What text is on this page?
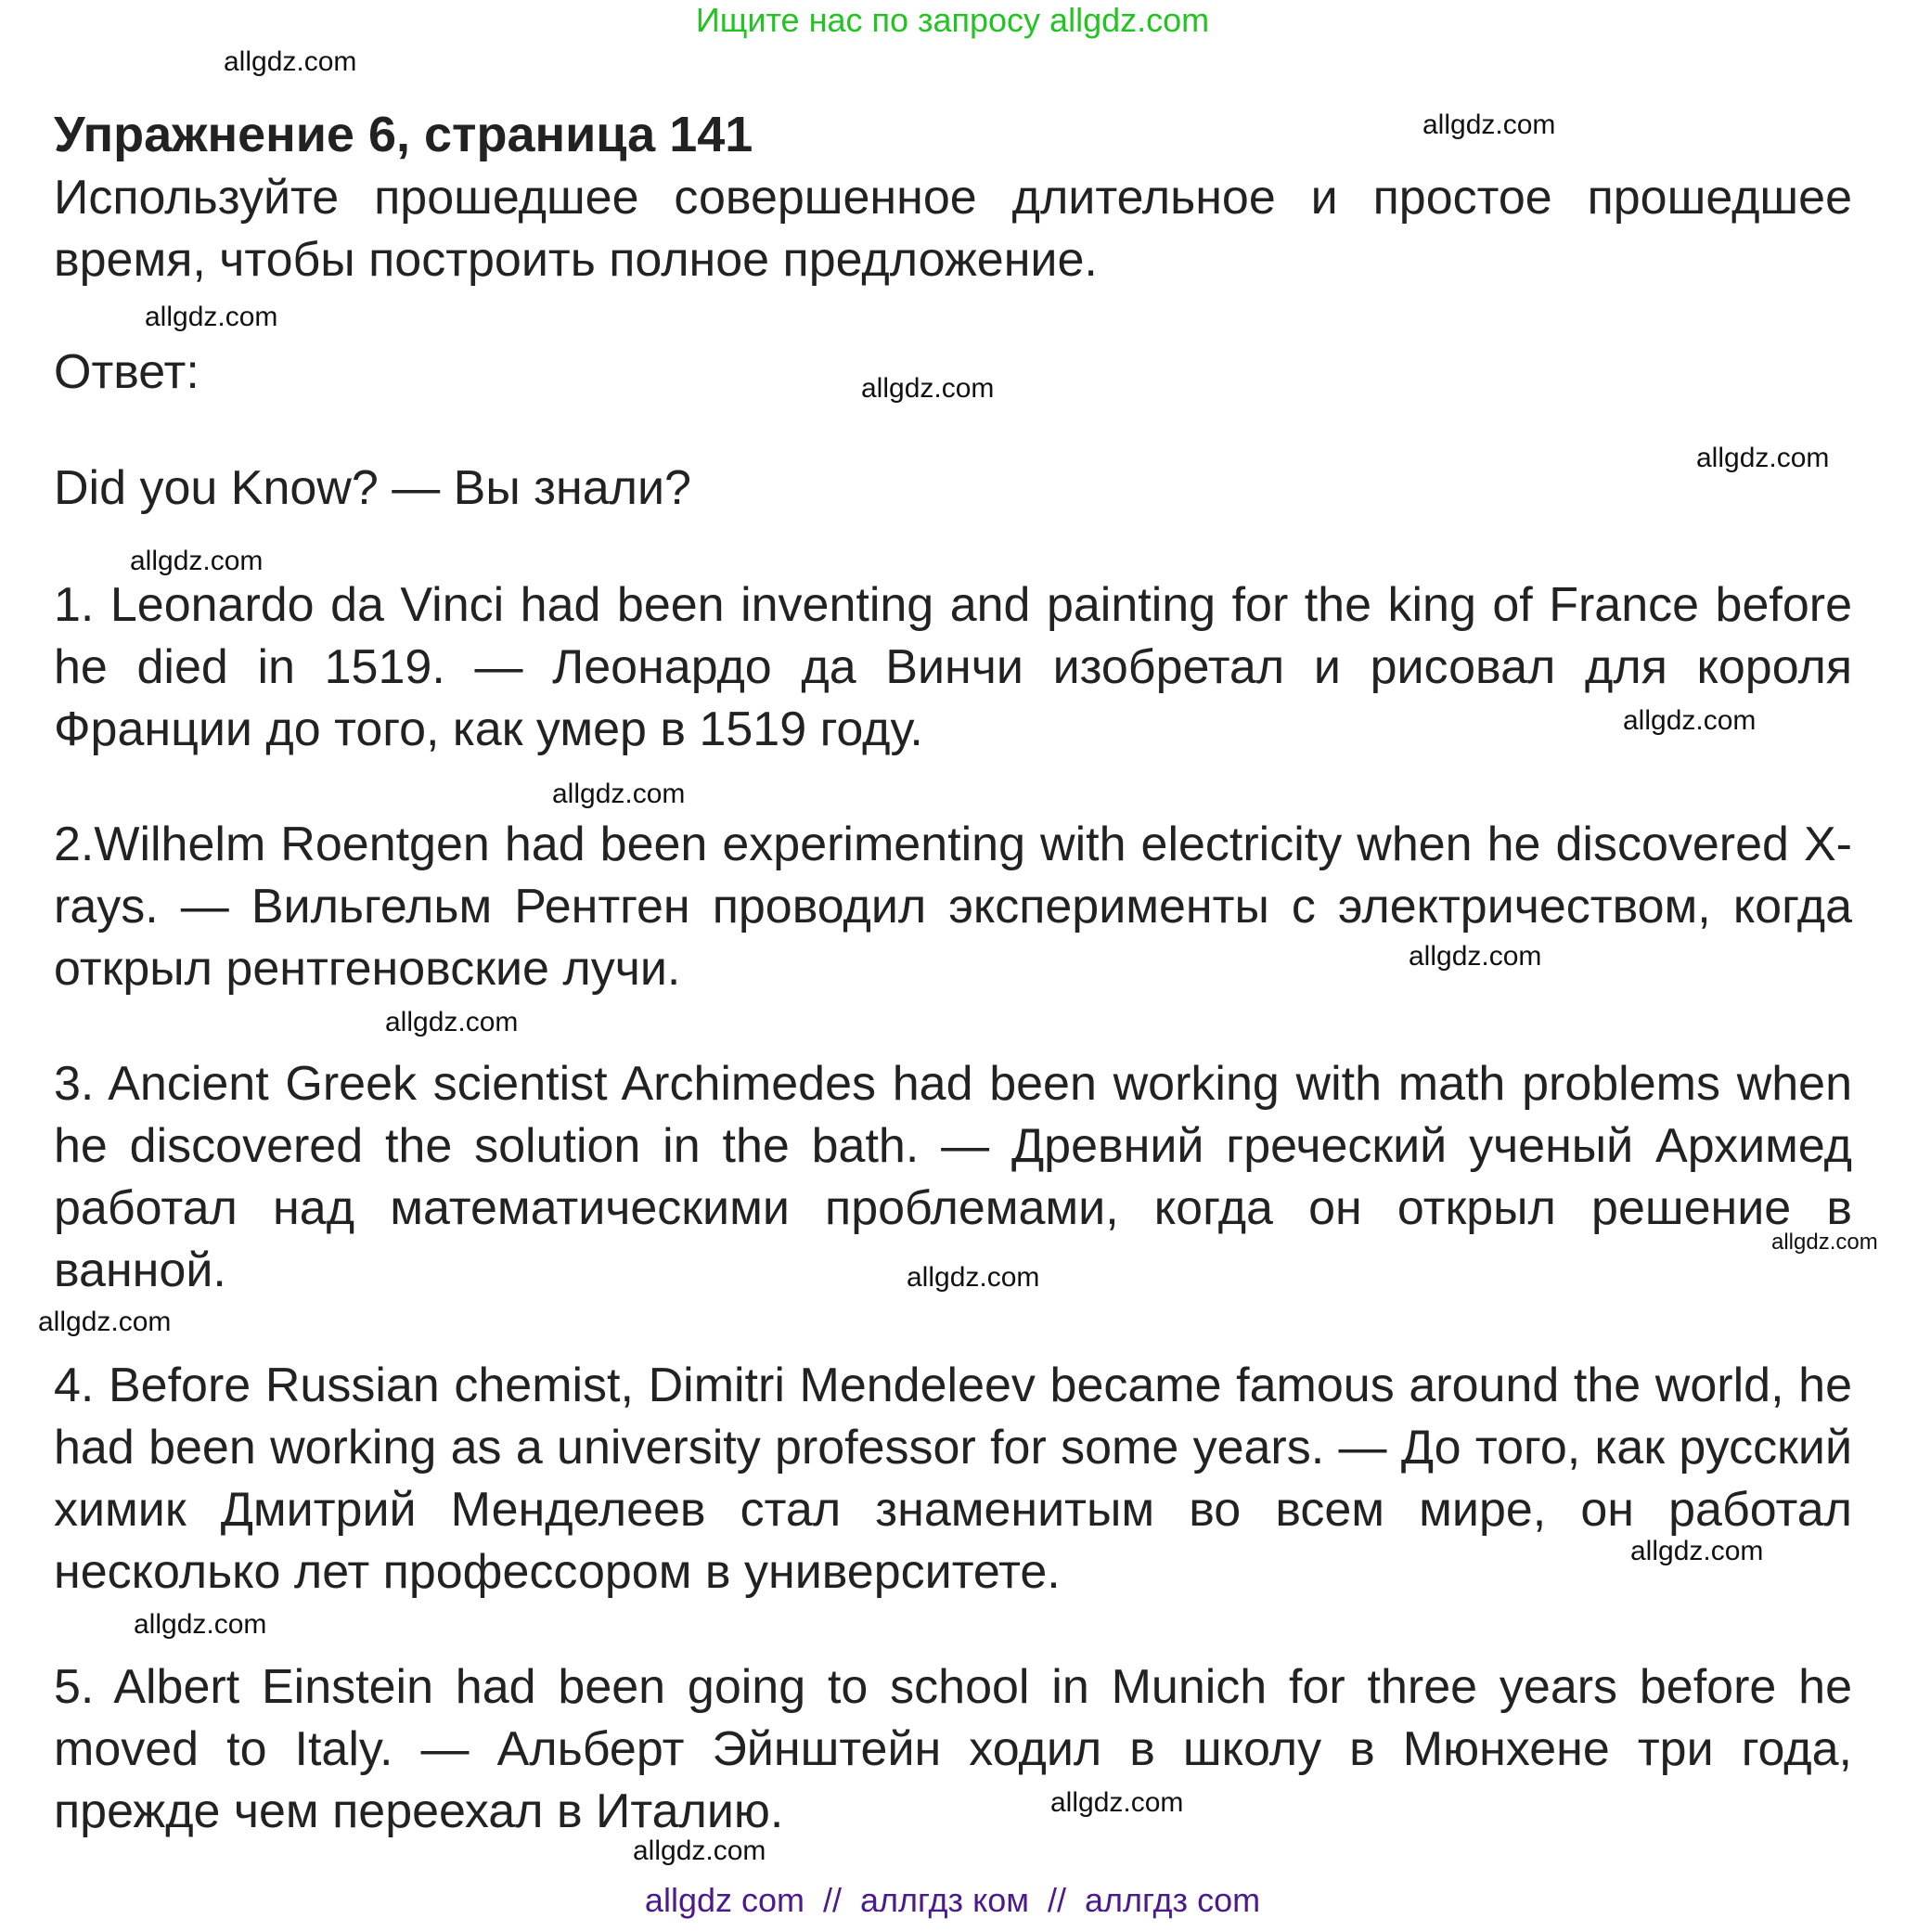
Ищите нас по запросу allgdz.com
Упражнение 6, страница 141
Используйте прошедшее совершенное длительное и простое прошедшее время, чтобы построить полное предложение.
Ответ:
Did you Know? — Вы знали?
1. Leonardo da Vinci had been inventing and painting for the king of France before he died in 1519. — Леонардо да Винчи изобретал и рисовал для короля Франции до того, как умер в 1519 году.
2.Wilhelm Roentgen had been experimenting with electricity when he discovered X-rays. — Вильгельм Рентген проводил эксперименты с электричеством, когда открыл рентгеновские лучи.
3. Ancient Greek scientist Archimedes had been working with math problems when he discovered the solution in the bath. — Древний греческий ученый Архимед работал над математическими проблемами, когда он открыл решение в ванной.
4. Before Russian chemist, Dimitri Mendeleev became famous around the world, he had been working as a university professor for some years. — До того, как русский химик Дмитрий Менделеев стал знаменитым во всем мире, он работал несколько лет профессором в университете.
5. Albert Einstein had been going to school in Munich for three years before he moved to Italy. — Альберт Эйнштейн ходил в школу в Мюнхене три года, прежде чем переехал в Италию.
allgdz.com
allgdz.com
allgdz.com
allgdz.com
allgdz.com
allgdz.com
allgdz.com
allgdz.com
allgdz.com
allgdz.com
allgdz.com
allgdz.com
allgdz.com
allgdz.com
allgdz.com
allgdz.com
allgdz.com
allgdz com  //  аллгдз ком  //  аллгдз com
